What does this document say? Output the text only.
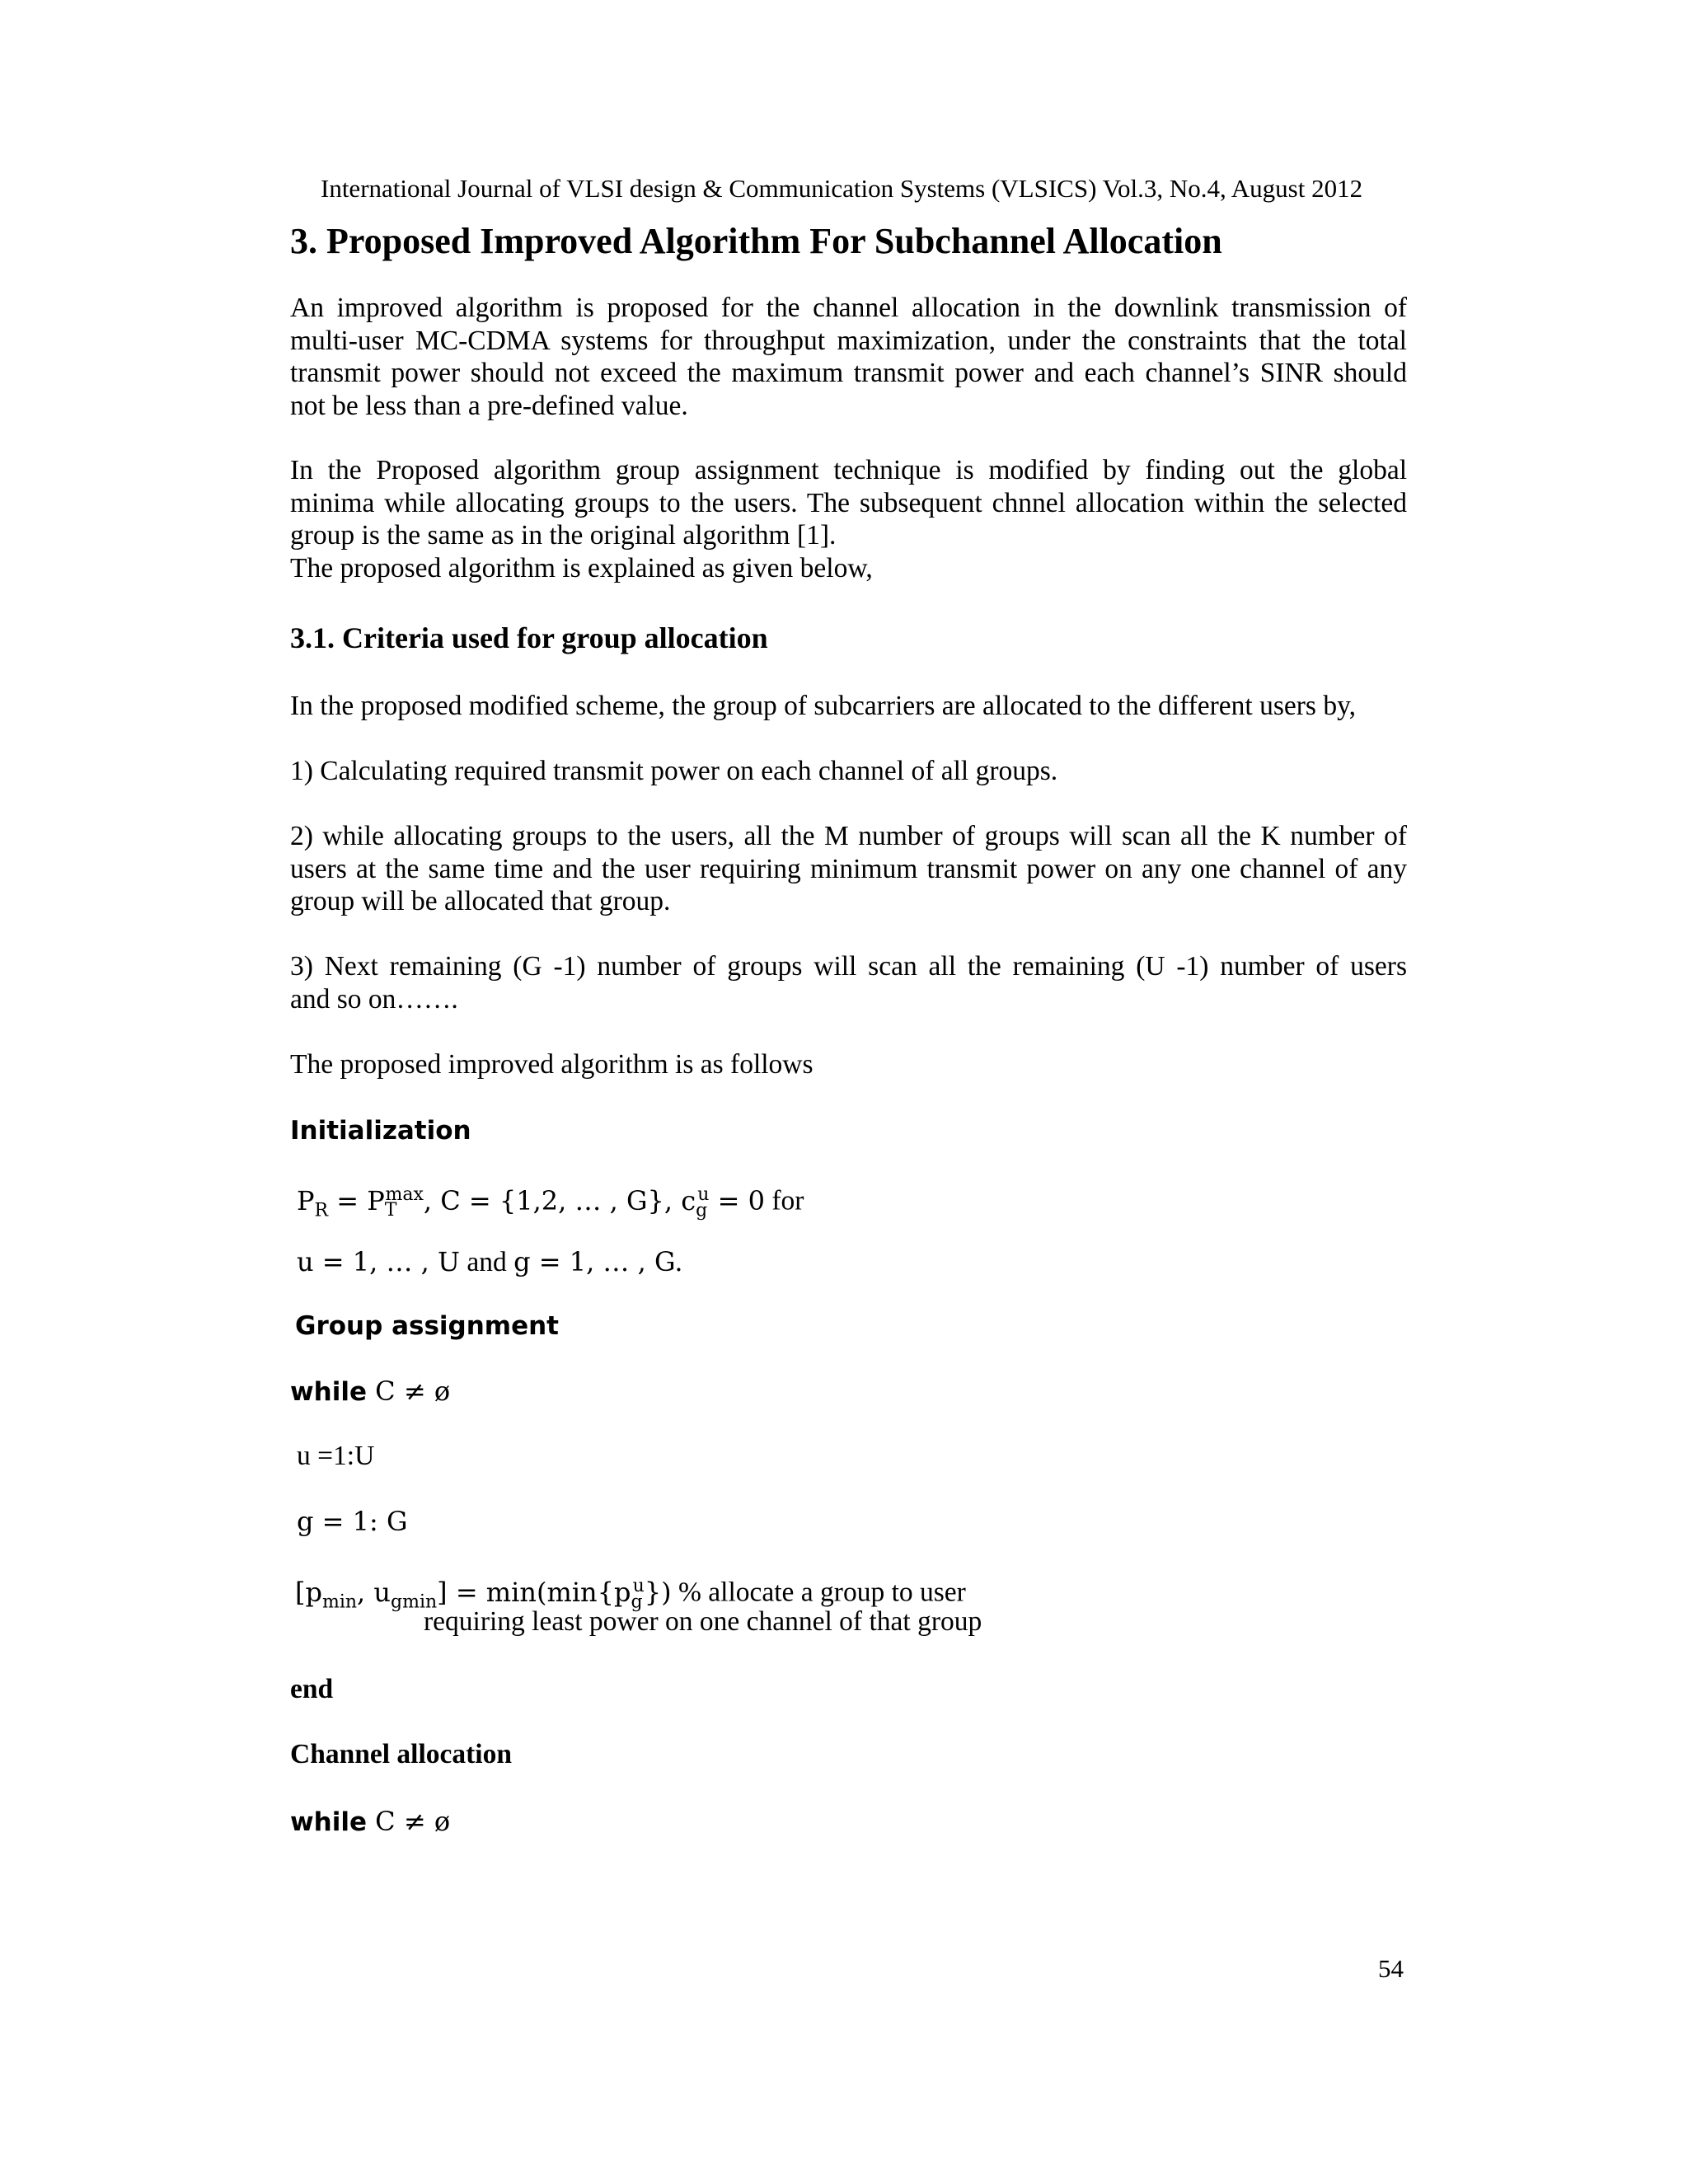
International Journal of VLSI design & Communication Systems (VLSICS) Vol.3, No.4, August 2012
3. Proposed Improved Algorithm For Subchannel Allocation
An improved algorithm is proposed for the channel allocation in the downlink transmission of
multi-user MC-CDMA systems for throughput maximization, under the constraints that the total
transmit power should not exceed the maximum transmit power and each channel’s SINR should
not be less than a pre-defined value.
In the Proposed algorithm group assignment technique is modified by finding out the global
minima while allocating groups to the users. The subsequent chnnel allocation within the selected
group is the same as in the original algorithm [1].
The proposed algorithm is explained as given below,
3.1. Criteria used for group allocation
In the proposed modified scheme, the group of subcarriers are allocated to the different users by,
1) Calculating required transmit power on each channel of all groups.
2) while allocating groups to the users, all the M number of groups will scan all the K number of
users at the same time and the user requiring minimum transmit power on any one channel of any
group will be allocated that group.
3) Next remaining (G -1) number of groups will scan all the remaining (U -1) number of users
and so on…….
The proposed improved algorithm is as follows
Initialization
$P_R = P_T^{max}$, C = {1,2, … , G}, $c_g^u = 0$ for
u = 1, … , U and g = 1, … , G.
Group assignment
while C ≠ ø
u =1:U
g = 1: G
[$p_{min}$, $u_{gmin}] = \min(\min\{p_g^u\})$ % allocate a group to user
requiring least power on one channel of that group
end
Channel allocation
while C ≠ ø
54
